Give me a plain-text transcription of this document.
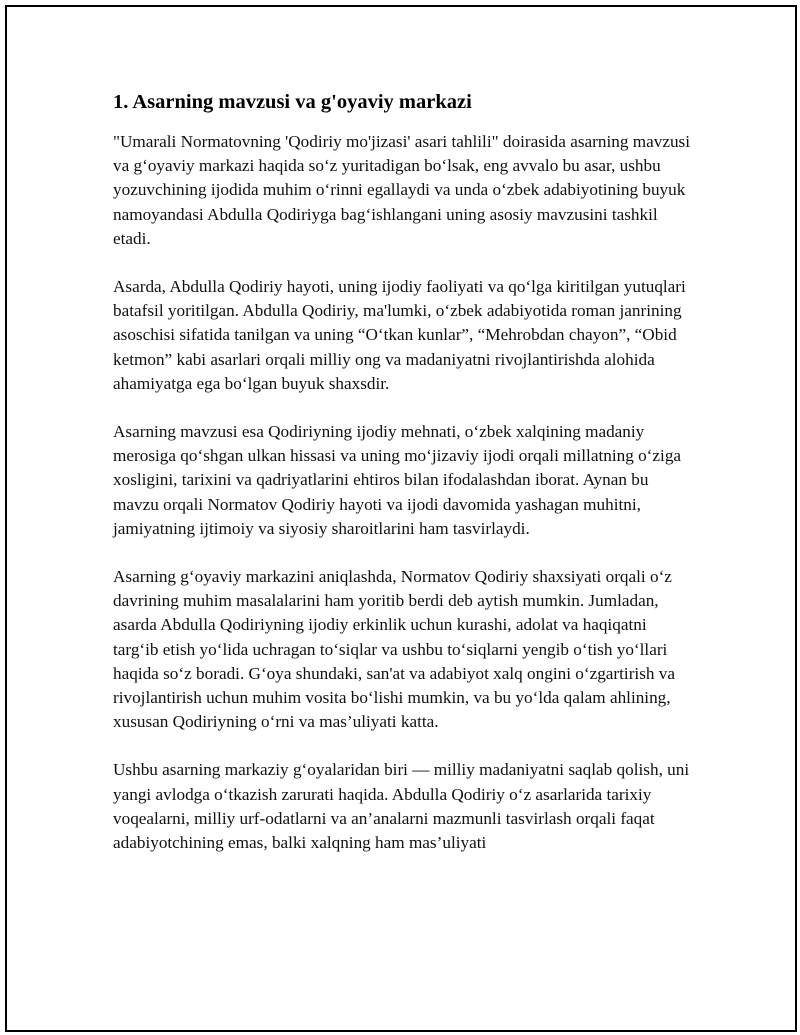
1. Asarning mavzusi va g'oyaviy markazi

"Umarali Normatovning 'Qodiriy mo'jizasi' asari tahlili" doirasida asarning mavzusi va g‘oyaviy markazi haqida so‘z yuritadigan bo‘lsak, eng avvalo bu asar, ushbu yozuvchining ijodida muhim o‘rinni egallaydi va unda o‘zbek adabiyotining buyuk namoyandasi Abdulla Qodiriyga bag‘ishlangani uning asosiy mavzusini tashkil etadi.

Asarda, Abdulla Qodiriy hayoti, uning ijodiy faoliyati va qo‘lga kiritilgan yutuqlari batafsil yoritilgan. Abdulla Qodiriy, ma'lumki, o‘zbek adabiyotida roman janrining asoschisi sifatida tanilgan va uning “O‘tkan kunlar”, “Mehrobdan chayon”, “Obid ketmon” kabi asarlari orqali milliy ong va madaniyatni rivojlantirishda alohida ahamiyatga ega bo‘lgan buyuk shaxsdir.

Asarning mavzusi esa Qodiriyning ijodiy mehnati, o‘zbek xalqining madaniy merosiga qo‘shgan ulkan hissasi va uning mo‘jizaviy ijodi orqali millatning o‘ziga xosligini, tarixini va qadriyatlarini ehtiros bilan ifodalashdan iborat. Aynan bu mavzu orqali Normatov Qodiriy hayoti va ijodi davomida yashagan muhitni, jamiyatning ijtimoiy va siyosiy sharoitlarini ham tasvirlaydi.

Asarning g‘oyaviy markazini aniqlashda, Normatov Qodiriy shaxsiyati orqali o‘z davrining muhim masalalarini ham yoritib berdi deb aytish mumkin. Jumladan, asarda Abdulla Qodiriyning ijodiy erkinlik uchun kurashi, adolat va haqiqatni targ‘ib etish yo‘lida uchragan to‘siqlar va ushbu to‘siqlarni yengib o‘tish yo‘llari haqida so‘z boradi. G‘oya shundaki, san'at va adabiyot xalq ongini o‘zgartirish va rivojlantirish uchun muhim vosita bo‘lishi mumkin, va bu yo‘lda qalam ahlining, xususan Qodiriyning o‘rni va mas’uliyati katta.

Ushbu asarning markaziy g‘oyalaridan biri — milliy madaniyatni saqlab qolish, uni yangi avlodga o‘tkazish zarurati haqida. Abdulla Qodiriy o‘z asarlarida tarixiy voqealarni, milliy urf-odatlarni va an’analarni mazmunli tasvirlash orqali faqat adabiyotchining emas, balki xalqning ham mas’uliyati
